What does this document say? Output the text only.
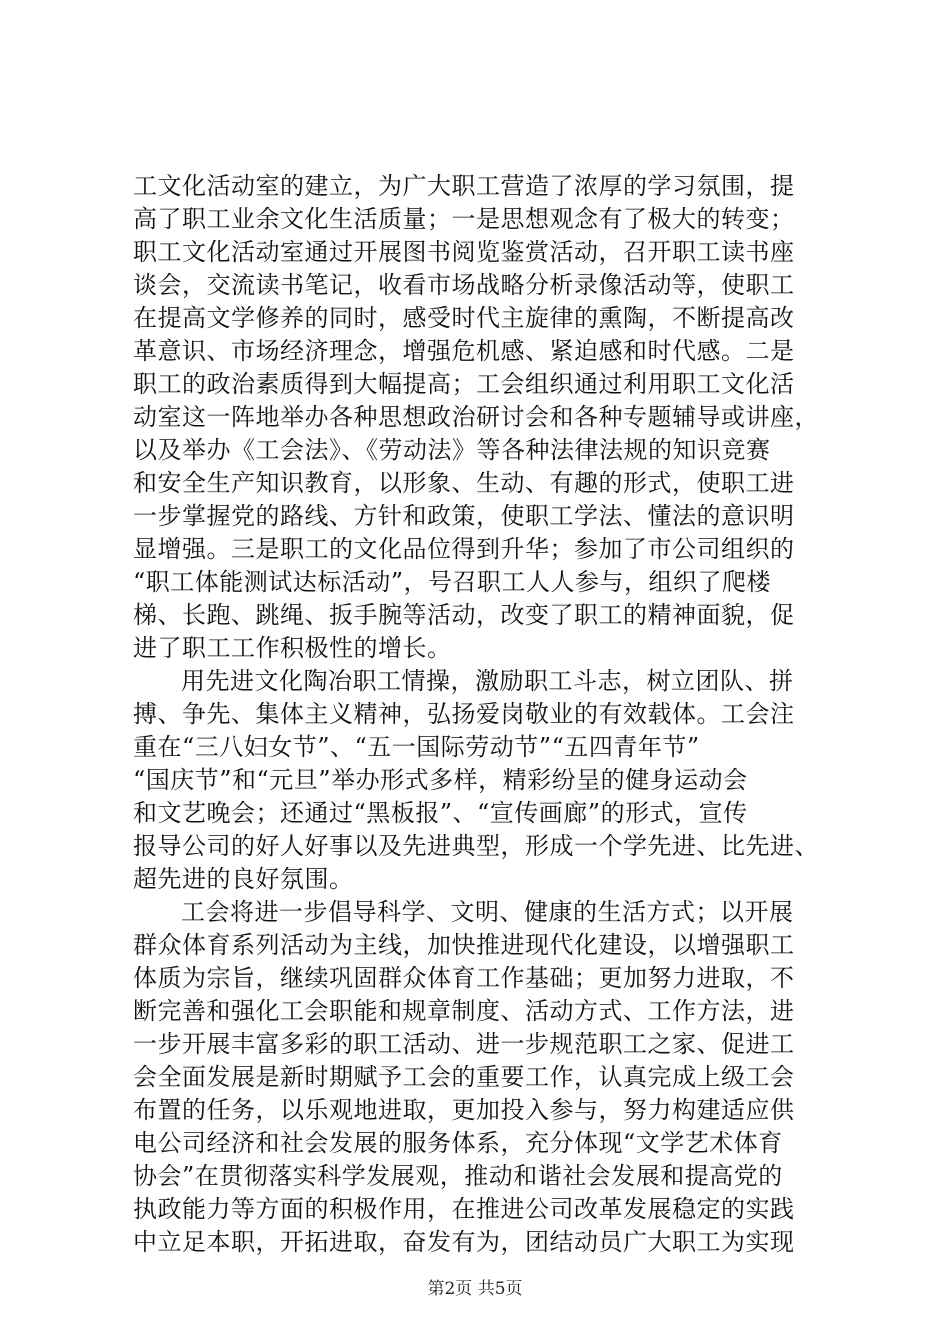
工文化活动室的建立，为广大职工营造了浓厚的学习氛围，提
高了职工业余文化生活质量；一是思想观念有了极大的转变；
职工文化活动室通过开展图书阅览鉴赏活动，召开职工读书座
谈会，交流读书笔记，收看市场战略分析录像活动等，使职工
在提高文学修养的同时，感受时代主旋律的熏陶，不断提高改
革意识、市场经济理念，增强危机感、紧迫感和时代感。二是
职工的政治素质得到大幅提高；工会组织通过利用职工文化活
动室这一阵地举办各种思想政治研讨会和各种专题辅导或讲座，
以及举办《工会法》、《劳动法》等各种法律法规的知识竞赛
和安全生产知识教育，以形象、生动、有趣的形式，使职工进
一步掌握党的路线、方针和政策，使职工学法、懂法的意识明
显增强。三是职工的文化品位得到升华；参加了市公司组织的
“职工体能测试达标活动”，号召职工人人参与，组织了爬楼
梯、长跑、跳绳、扳手腕等活动，改变了职工的精神面貌，促
进了职工工作积极性的增长。
用先进文化陶冶职工情操，激励职工斗志，树立团队、拼
搏、争先、集体主义精神，弘扬爱岗敬业的有效载体。工会注
重在“三八妇女节”、“五一国际劳动节”“五四青年节”
“国庆节”和“元旦”举办形式多样，精彩纷呈的健身运动会
和文艺晚会；还通过“黑板报”、“宣传画廊”的形式，宣传
报导公司的好人好事以及先进典型，形成一个学先进、比先进、
超先进的良好氛围。
工会将进一步倡导科学、文明、健康的生活方式；以开展
群众体育系列活动为主线，加快推进现代化建设，以增强职工
体质为宗旨，继续巩固群众体育工作基础；更加努力进取，不
断完善和强化工会职能和规章制度、活动方式、工作方法，进
一步开展丰富多彩的职工活动、进一步规范职工之家、促进工
会全面发展是新时期赋予工会的重要工作，认真完成上级工会
布置的任务，以乐观地进取，更加投入参与，努力构建适应供
电公司经济和社会发展的服务体系，充分体现“文学艺术体育
协会”在贯彻落实科学发展观，推动和谐社会发展和提高党的
执政能力等方面的积极作用，在推进公司改革发展稳定的实践
中立足本职，开拓进取，奋发有为，团结动员广大职工为实现
第2页 共5页
